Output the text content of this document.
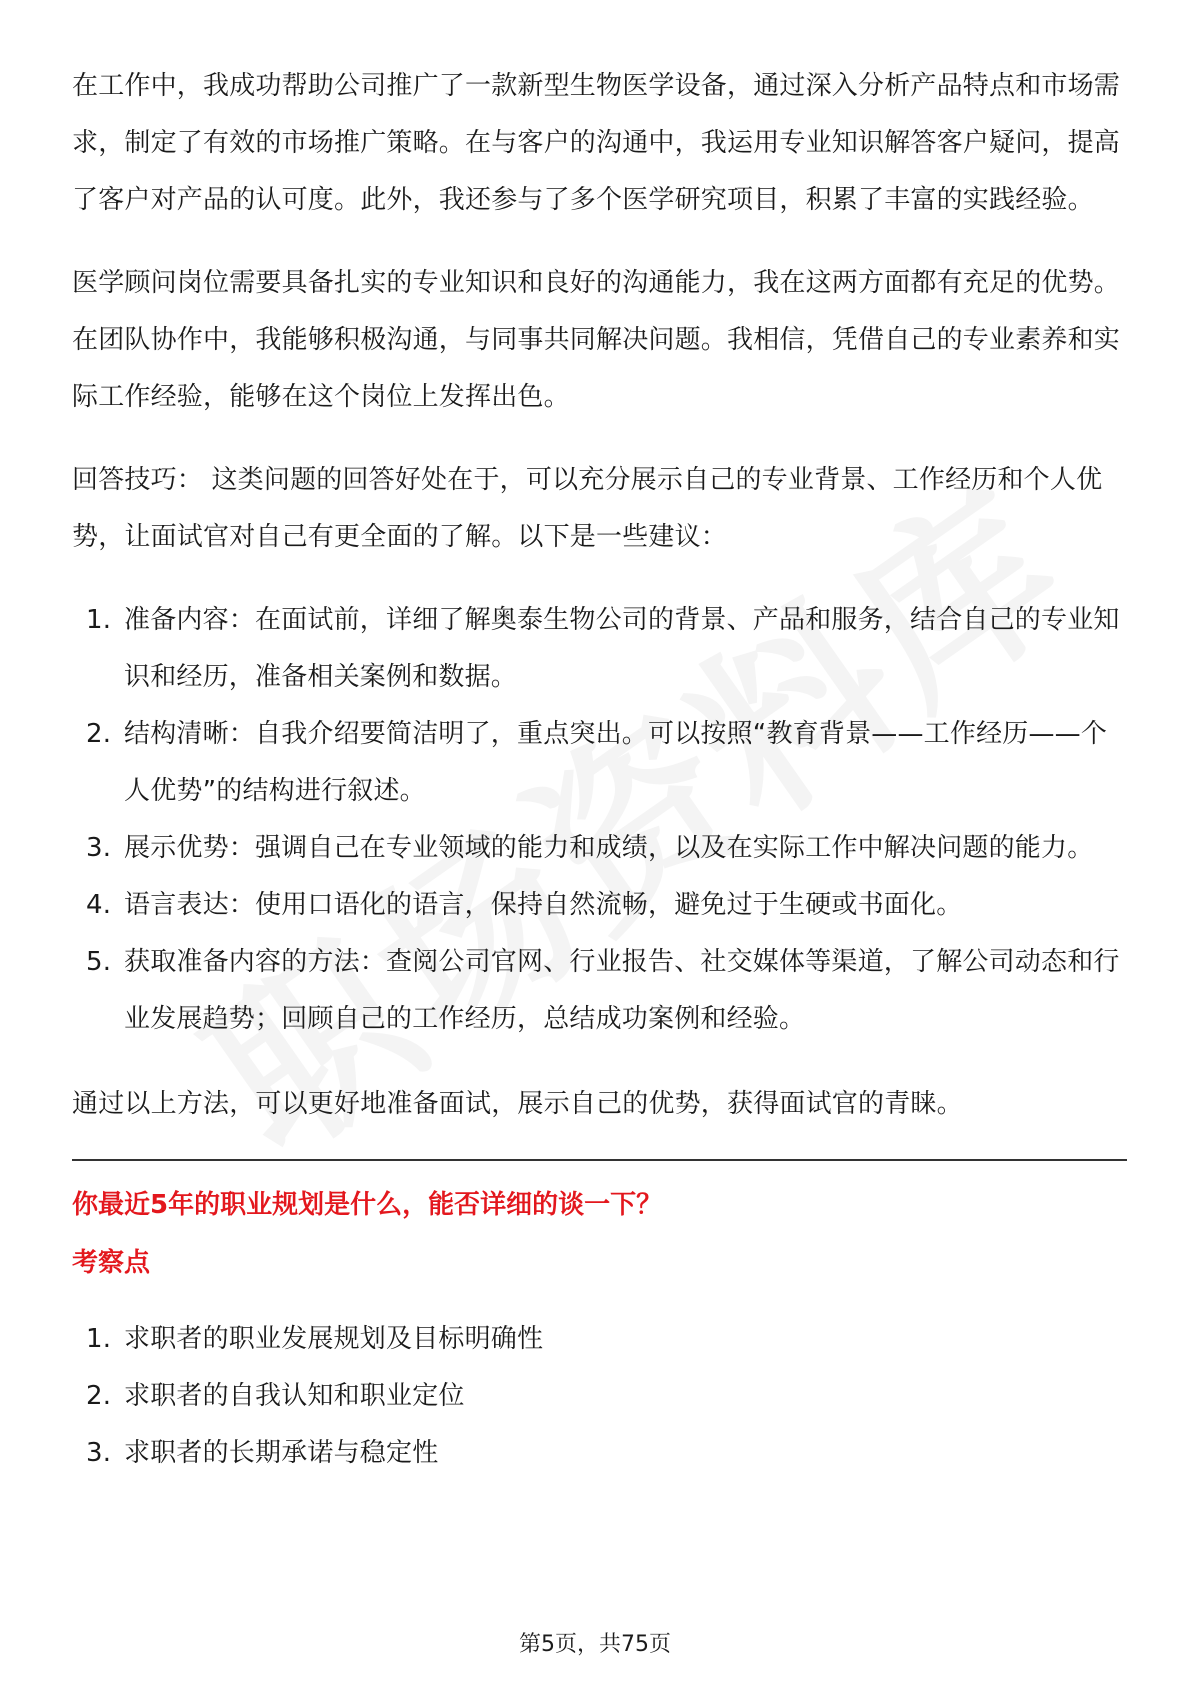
在工作中，我成功帮助公司推广了一款新型生物医学设备，通过深入分析产品特点和市场需求，制定了有效的市场推广策略。在与客户的沟通中，我运用专业知识解答客户疑问，提高了客户对产品的认可度。此外，我还参与了多个医学研究项目，积累了丰富的实践经验。

医学顾问岗位需要具备扎实的专业知识和良好的沟通能力，我在这两方面都有充足的优势。在团队协作中，我能够积极沟通，与同事共同解决问题。我相信，凭借自己的专业素养和实际工作经验，能够在这个岗位上发挥出色。

回答技巧： 这类问题的回答好处在于，可以充分展示自己的专业背景、工作经历和个人优势，让面试官对自己有更全面的了解。以下是一些建议：

1. 准备内容：在面试前，详细了解奥泰生物公司的背景、产品和服务，结合自己的专业知识和经历，准备相关案例和数据。
2. 结构清晰：自我介绍要简洁明了，重点突出。可以按照“教育背景——工作经历——个人优势”的结构进行叙述。
3. 展示优势：强调自己在专业领域的能力和成绩，以及在实际工作中解决问题的能力。
4. 语言表达：使用口语化的语言，保持自然流畅，避免过于生硬或书面化。
5. 获取准备内容的方法：查阅公司官网、行业报告、社交媒体等渠道，了解公司动态和行业发展趋势；回顾自己的工作经历，总结成功案例和经验。

通过以上方法，可以更好地准备面试，展示自己的优势，获得面试官的青睐。

你最近5年的职业规划是什么，能否详细的谈一下？

考察点

1. 求职者的职业发展规划及目标明确性
2. 求职者的自我认知和职业定位
3. 求职者的长期承诺与稳定性
第5页，共75页
